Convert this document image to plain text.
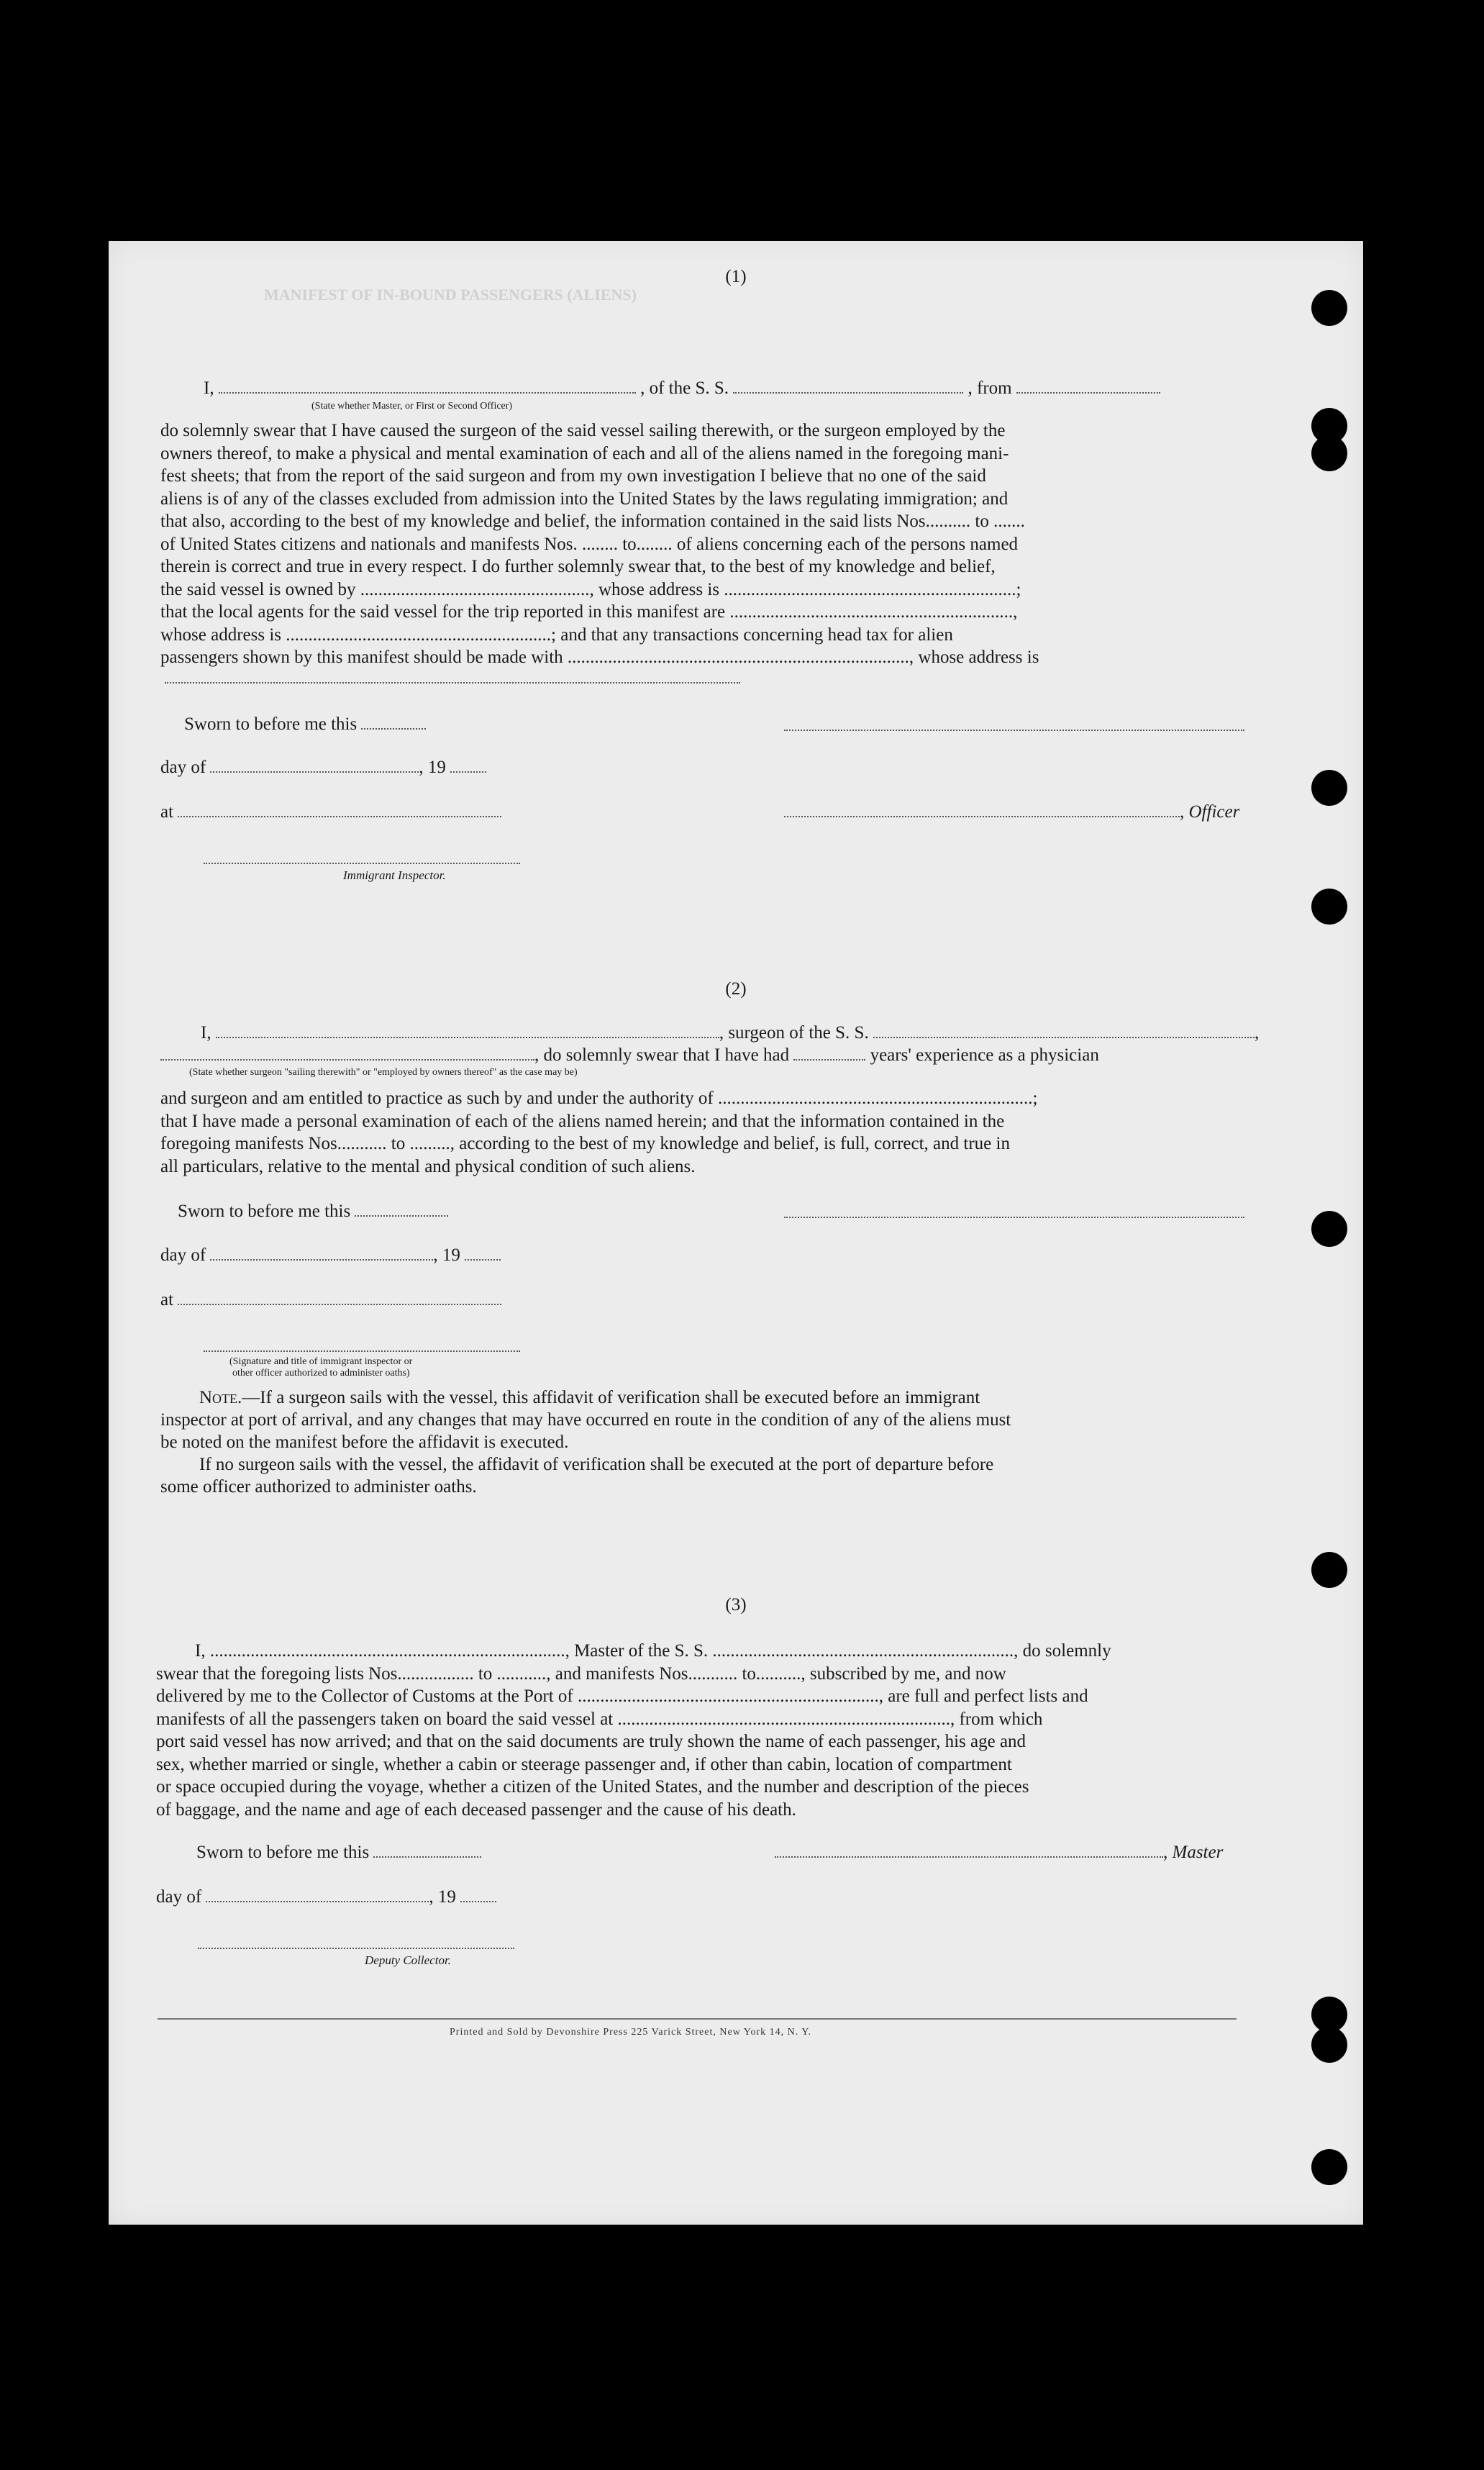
MANIFEST OF IN-BOUND PASSENGERS (ALIENS)
(1)
I,	, of the S. S.	, from
(State whether Master, or First or Second Officer)
do solemnly swear that I have caused the surgeon of the said vessel sailing therewith, or the surgeon employed by the
owners thereof, to make a physical and mental examination of each and all of the aliens named in the foregoing mani-
fest sheets; that from the report of the said surgeon and from my own investigation I believe that no one of the said
aliens is of any of the classes excluded from admission into the United States by the laws regulating immigration; and
that also, according to the best of my knowledge and belief, the information contained in the said lists Nos.......... to .......
of United States citizens and nationals and manifests Nos. ........ to........ of aliens concerning each of the persons named
therein is correct and true in every respect. I do further solemnly swear that, to the best of my knowledge and belief,
the said vessel is owned by ..................................................., whose address is .................................................................;
that the local agents for the said vessel for the trip reported in this manifest are ...............................................................,
whose address is ...........................................................; and that any transactions concerning head tax for alien
passengers shown by this manifest should be made with ............................................................................, whose address is
Sworn to before me this
day of	, 19
at	, Officer
Immigrant Inspector.
(2)
I,	, surgeon of the S. S.	,
, do solemnly swear that I have had	years' experience as a physician
(State whether surgeon "sailing therewith" or "employed by owners thereof" as the case may be)
and surgeon and am entitled to practice as such by and under the authority of ......................................................................;
that I have made a personal examination of each of the aliens named herein; and that the information contained in the
foregoing manifests Nos........... to ........., according to the best of my knowledge and belief, is full, correct, and true in
all particulars, relative to the mental and physical condition of such aliens.
Sworn to before me this
day of	, 19
at
(Signature and title of immigrant inspector or
other officer authorized to administer oaths)
Note.—If a surgeon sails with the vessel, this affidavit of verification shall be executed before an immigrant
inspector at port of arrival, and any changes that may have occurred en route in the condition of any of the aliens must
be noted on the manifest before the affidavit is executed.
If no surgeon sails with the vessel, the affidavit of verification shall be executed at the port of departure before
some officer authorized to administer oaths.
(3)
I, ..............................................................................., Master of the S. S. ..................................................................., do solemnly
swear that the foregoing lists Nos................. to ..........., and manifests Nos........... to.........., subscribed by me, and now
delivered by me to the Collector of Customs at the Port of ..................................................................., are full and perfect lists and
manifests of all the passengers taken on board the said vessel at .........................................................................., from which
port said vessel has now arrived; and that on the said documents are truly shown the name of each passenger, his age and
sex, whether married or single, whether a cabin or steerage passenger and, if other than cabin, location of compartment
or space occupied during the voyage, whether a citizen of the United States, and the number and description of the pieces
of baggage, and the name and age of each deceased passenger and the cause of his death.
Sworn to before me this	, Master
day of	, 19
Deputy Collector.
Printed and Sold by Devonshire Press 225 Varick Street, New York 14, N. Y.
